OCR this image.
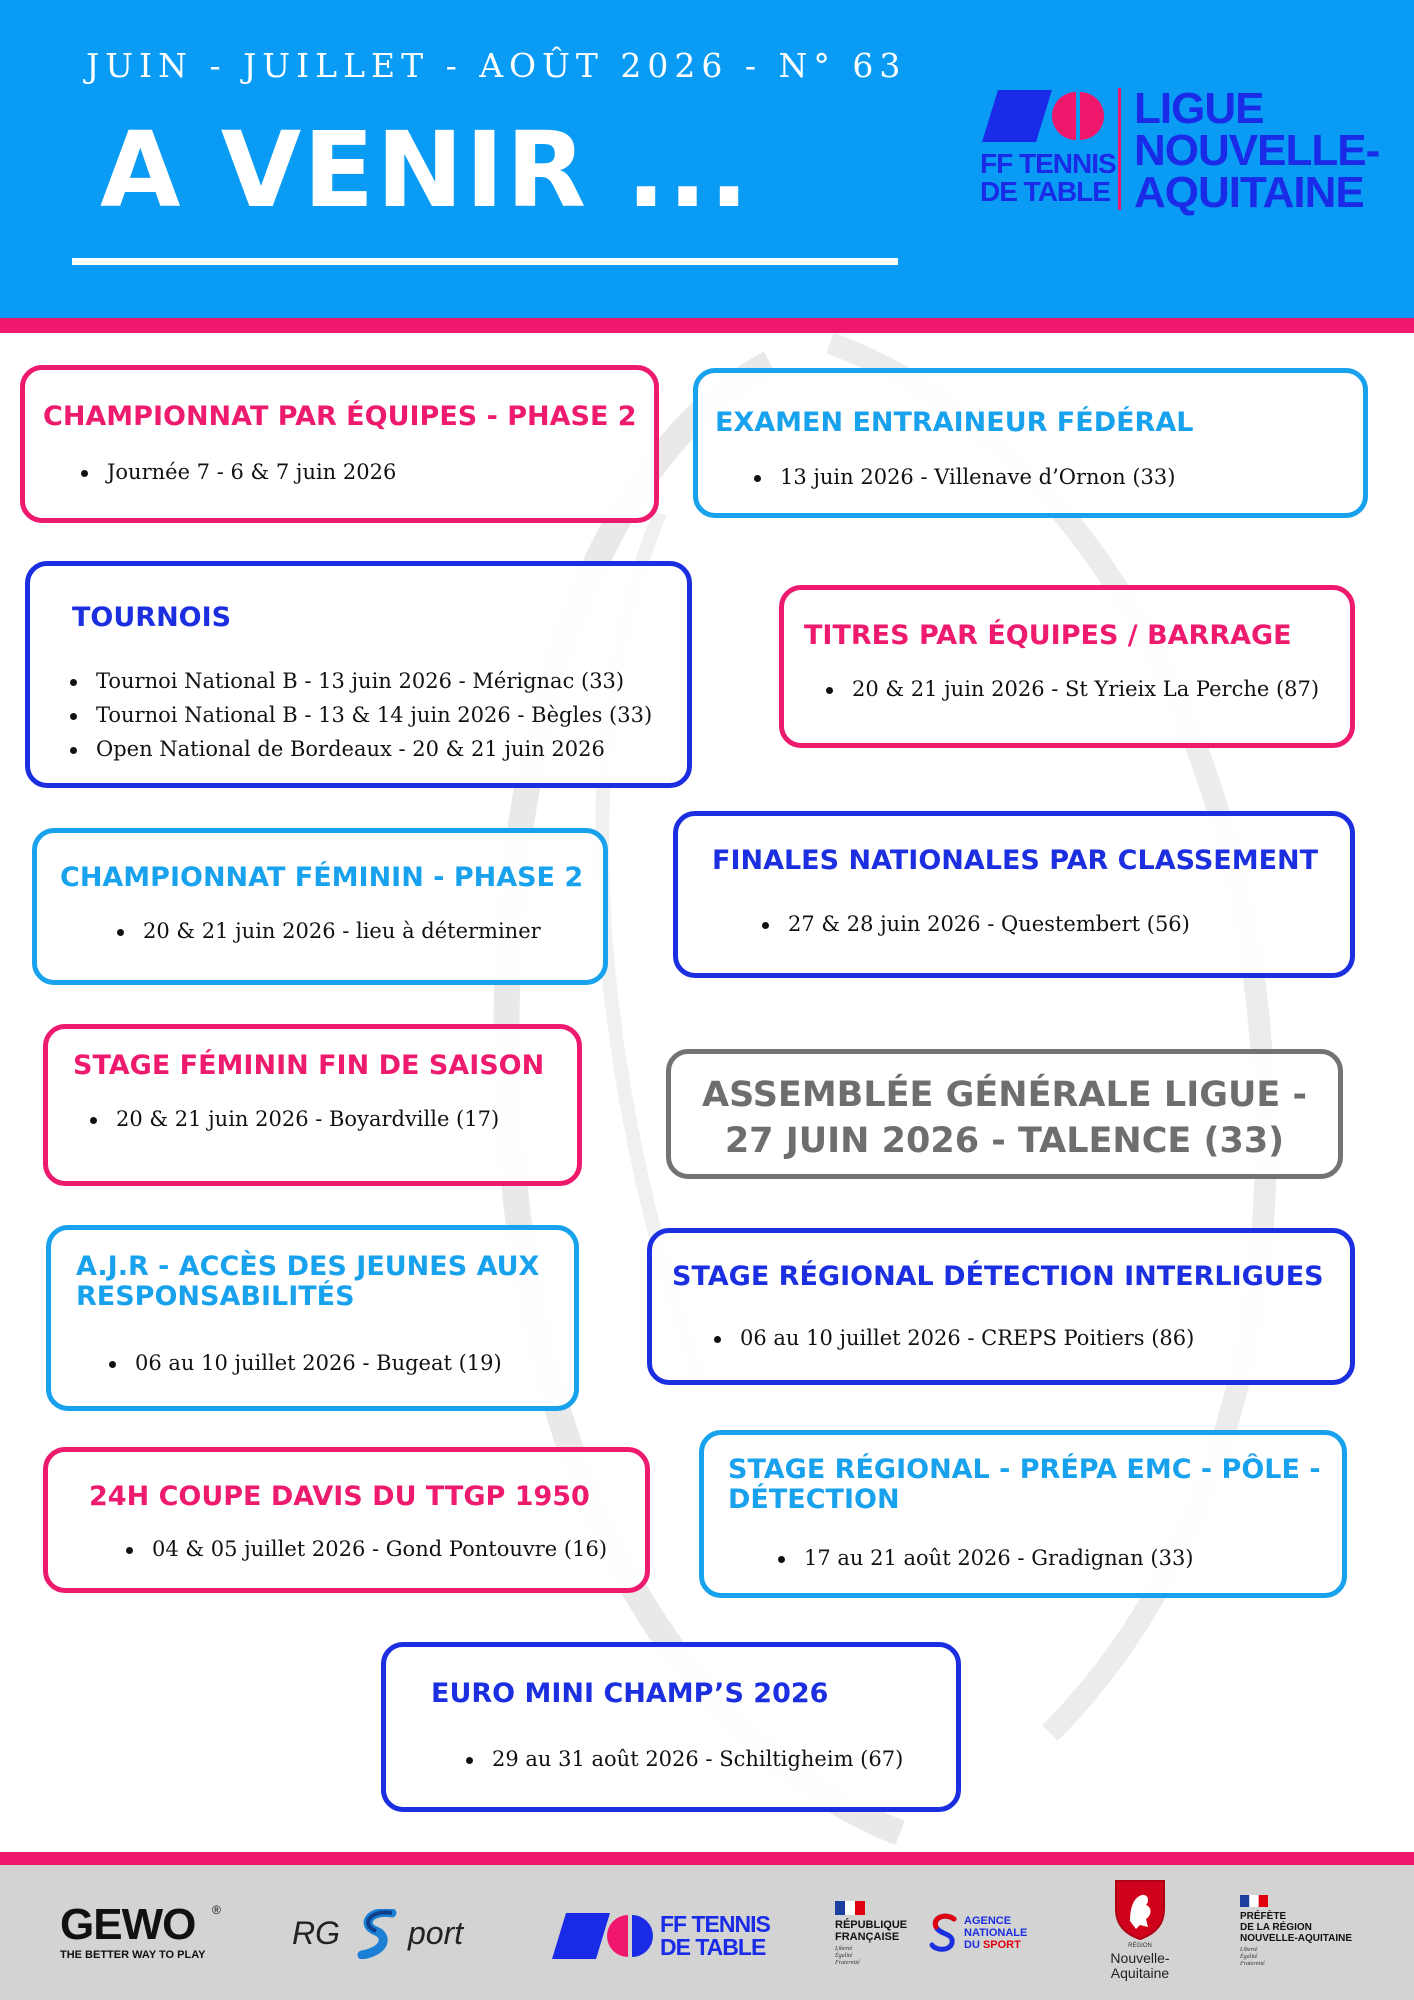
JUIN - JUILLET - AOÛT 2026 - N° 63
A VENIR ...	FF TENNIS
DE TABLE
LIGUE
NOUVELLE-
AQUITAINE
CHAMPIONNAT PAR ÉQUIPES - PHASE 2
Journée 7 - 6 & 7 juin 2026
EXAMEN ENTRAINEUR FÉDÉRAL
13 juin 2026 - Villenave d’Ornon (33)
TOURNOIS
Tournoi National B - 13 juin 2026 - Mérignac (33)
Tournoi National B - 13 & 14 juin 2026 - Bègles (33)
Open National de Bordeaux - 20 & 21 juin 2026
TITRES PAR ÉQUIPES / BARRAGE
20 & 21 juin 2026 - St Yrieix La Perche (87)
CHAMPIONNAT FÉMININ - PHASE 2
20 & 21 juin 2026 - lieu à déterminer
FINALES NATIONALES PAR CLASSEMENT
27 & 28 juin 2026 - Questembert (56)
STAGE FÉMININ FIN DE SAISON
20 & 21 juin 2026 - Boyardville (17)
ASSEMBLÉE GÉNÉRALE LIGUE -
27 JUIN 2026 - TALENCE (33)
A.J.R - ACCÈS DES JEUNES AUX
RESPONSABILITÉS
06 au 10 juillet 2026 - Bugeat (19)
STAGE RÉGIONAL DÉTECTION INTERLIGUES
06 au 10 juillet 2026 - CREPS Poitiers (86)
24H COUPE DAVIS DU TTGP 1950
04 & 05 juillet 2026 - Gond Pontouvre (16)
STAGE RÉGIONAL - PRÉPA EMC - PÔLE -
DÉTECTION
17 au 21 août 2026 - Gradignan (33)
EURO MINI CHAMP’S 2026
29 au 31 août 2026 - Schiltigheim (67)
GEWO ®
THE BETTER WAY TO PLAY
RG port	FF TENNIS
DE TABLE
RÉPUBLIQUE
FRANÇAISE
Liberté
Égalité
Fraternité
AGENCE
NATIONALE
DU SPORT	RÉGION
Nouvelle-
Aquitaine
PRÉFÈTE
DE LA RÉGION
NOUVELLE-AQUITAINE
Liberté
Égalité
Fraternité
